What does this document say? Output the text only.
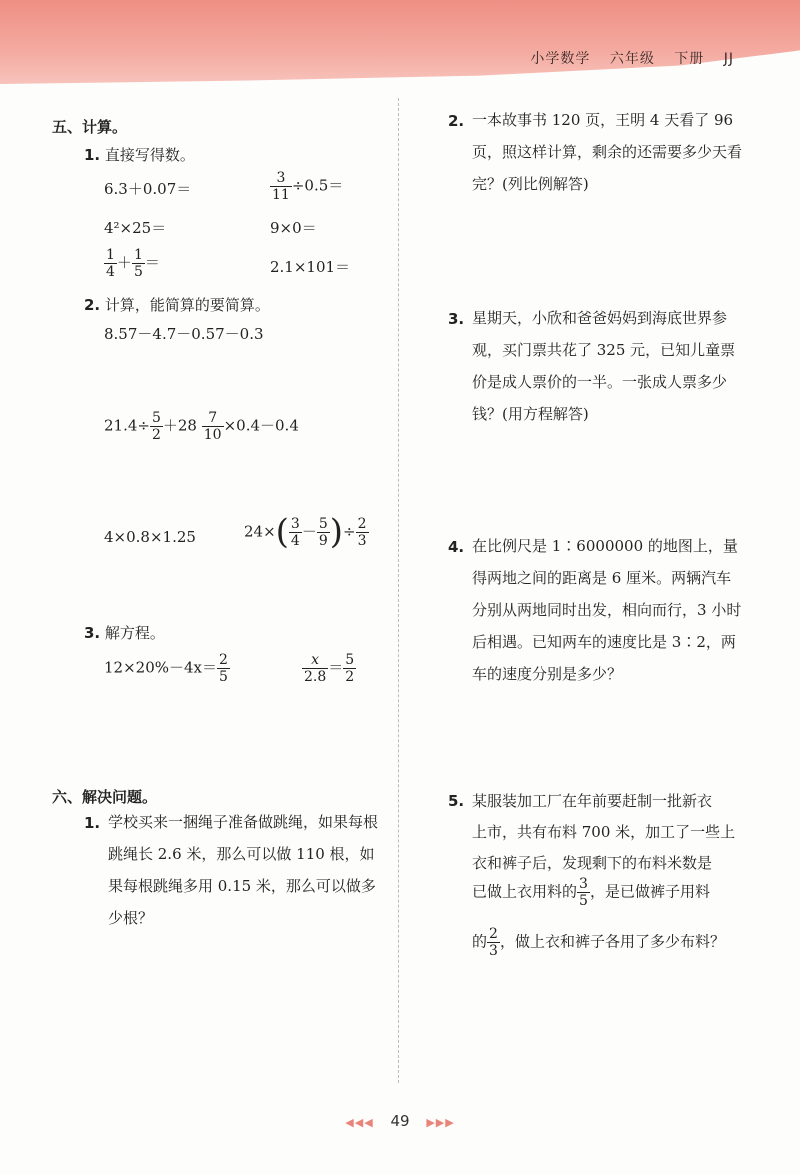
小学数学 六年级 下册 JJ
五、计算。
1. 直接写得数。
6.3＋0.07＝	$\frac{3}{11} \div 0.5=$
4²×25＝	9×0＝
$\frac{1}{4} + \frac{1}{5}$ ＝	2.1×101＝
2. 计算，能简算的要简算。
8.57－4.7－0.57－0.3
$21.4\div \frac{5}{2} +28 \frac{7}{10} \times 0.4-0.4$
4×0.8×1.25	$24\times( \frac{3}{4} - \frac{5}{9}$ )÷ $\frac{2}{3}$
3. 解方程。
$12\times 20\%-4x= \frac{2}{5}$	$\frac{x}{2.8} = \frac{5}{2}$
六、解决问题。
1. 学校买来一捆绳子准备做跳绳，如果每根跳绳长 2.6 米，那么可以做 110 根，如果每根跳绳多用 0.15 米，那么可以做多少根？
2. 一本故事书 120 页，王明 4 天看了 96 页，照这样计算，剩余的还需要多少天看完？(列比例解答)
3. 星期天，小欣和爸爸妈妈到海底世界参观，买门票共花了 325 元，已知儿童票价是成人票价的一半。一张成人票多少钱？(用方程解答)
4. 在比例尺是 1∶6000000 的地图上，量得两地之间的距离是 6 厘米。两辆汽车分别从两地同时出发，相向而行，3 小时后相遇。已知两车的速度比是 3∶2，两车的速度分别是多少？
5. 某服装加工厂在年前要赶制一批新衣
上市，共有布料 700 米，加工了一些上
衣和裤子后，发现剩下的布料米数是
已做上衣用料的 $\frac{3}{5}$ ，是已做裤子用料
的 $\frac{2}{3}$ ，做上衣和裤子各用了多少布料？
◀◀◀ 49 ▶▶▶
